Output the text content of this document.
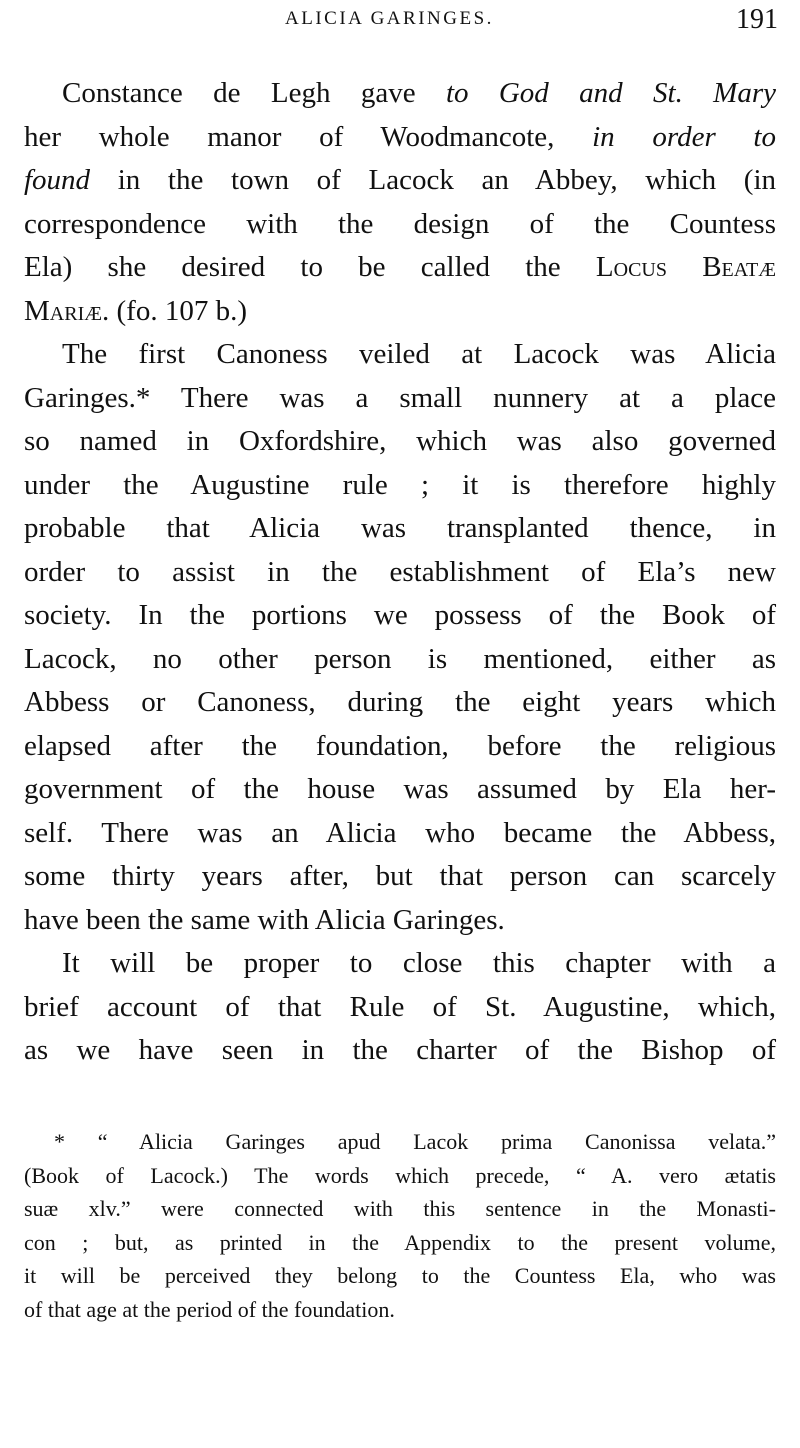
ALICIA GARINGES.	191
Constance de Legh gave to God and St. Mary
her whole manor of Woodmancote, in order to
found in the town of Lacock an Abbey, which (in
correspondence with the design of the Countess
Ela) she desired to be called the Locus Beatæ
Mariæ. (fo. 107 b.)
The first Canoness veiled at Lacock was Alicia
Garinges.* There was a small nunnery at a place
so named in Oxfordshire, which was also governed
under the Augustine rule ; it is therefore highly
probable that Alicia was transplanted thence, in
order to assist in the establishment of Ela’s new
society. In the portions we possess of the Book of
Lacock, no other person is mentioned, either as
Abbess or Canoness, during the eight years which
elapsed after the foundation, before the religious
government of the house was assumed by Ela her-
self. There was an Alicia who became the Abbess,
some thirty years after, but that person can scarcely
have been the same with Alicia Garinges.
It will be proper to close this chapter with a
brief account of that Rule of St. Augustine, which,
as we have seen in the charter of the Bishop of
* “ Alicia Garinges apud Lacok prima Canonissa velata.”
(Book of Lacock.) The words which precede, “ A. vero ætatis
suæ xlv.” were connected with this sentence in the Monasti-
con ; but, as printed in the Appendix to the present volume,
it will be perceived they belong to the Countess Ela, who was
of that age at the period of the foundation.
